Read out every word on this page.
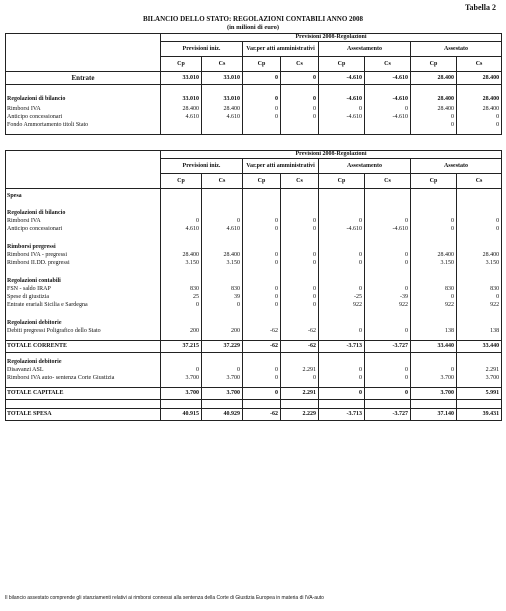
Tabella 2
BILANCIO DELLO STATO: REGOLAZIONI CONTABILI ANNO 2008
(in milioni di euro)
	Previsioni 2008-Regolazioni							
	Previsioni iniz.		Var.per atti amministrativi		Assestamento		Assestato	
	Cp	Cs	Cp	Cs	Cp	Cs	Cp	Cs
Entrate	33.010	33.010	0	0	-4.610	-4.610	28.400	28.400

Regolazioni di bilancio	33.010	33.010	0	0	-4.610	-4.610	28.400	28.400
Rimborsi IVA	28.400	28.400	0	0	0	0	28.400	28.400
Anticipo concessionari	4.610	4.610	0	0	-4.610	-4.610	0	0
Fondo Ammortamento titoli Stato							0	0

	Previsioni 2008-Regolazioni							
	Previsioni iniz.		Var.per atti amministrativi		Assestamento		Assestato	
	Cp	Cs	Cp	Cs	Cp	Cs	Cp	Cs
Spesa								

Regolazioni di bilancio								
Rimborsi IVA	0	0	0	0	0	0	0	0
Anticipo concessionari	4.610	4.610	0	0	-4.610	-4.610	0	0

Rimborsi pregressi								
Rimborsi IVA - pregressi	28.400	28.400	0	0	0	0	28.400	28.400
Rimborsi II.DD. pregressi	3.150	3.150	0	0	0	0	3.150	3.150

Regolazioni contabili								
FSN - saldo IRAP	830	830	0	0	0	0	830	830
Spese di giustizia	25	39	0	0	-25	-39	0	0
Entrate erariali Sicilia e Sardegna	0	0	0	0	922	922	922	922

Regolazioni debitorie								
Debiti pregressi Poligrafico dello Stato	200	200	-62	-62	0	0	138	138

TOTALE CORRENTE	37.215	37.229	-62	-62	-3.713	-3.727	33.440	33.440

Regolazioni debitorie								
Disavanzi ASL	0	0	0	2.291	0	0	0	2.291
Rimborsi IVA auto- sentenza Corte Giustizia	3.700	3.700	0	0	0	0	3.700	3.700

TOTALE CAPITALE	3.700	3.700	0	2.291	0	0	3.700	5.991

TOTALE SPESA	40.915	40.929	-62	2.229	-3.713	-3.727	37.140	39.431
Il bilancio assestato comprende gli stanziamenti relativi ai rimborsi connessi alla sentenza della Corte di Giustizia Europea in materia di IVA-auto
